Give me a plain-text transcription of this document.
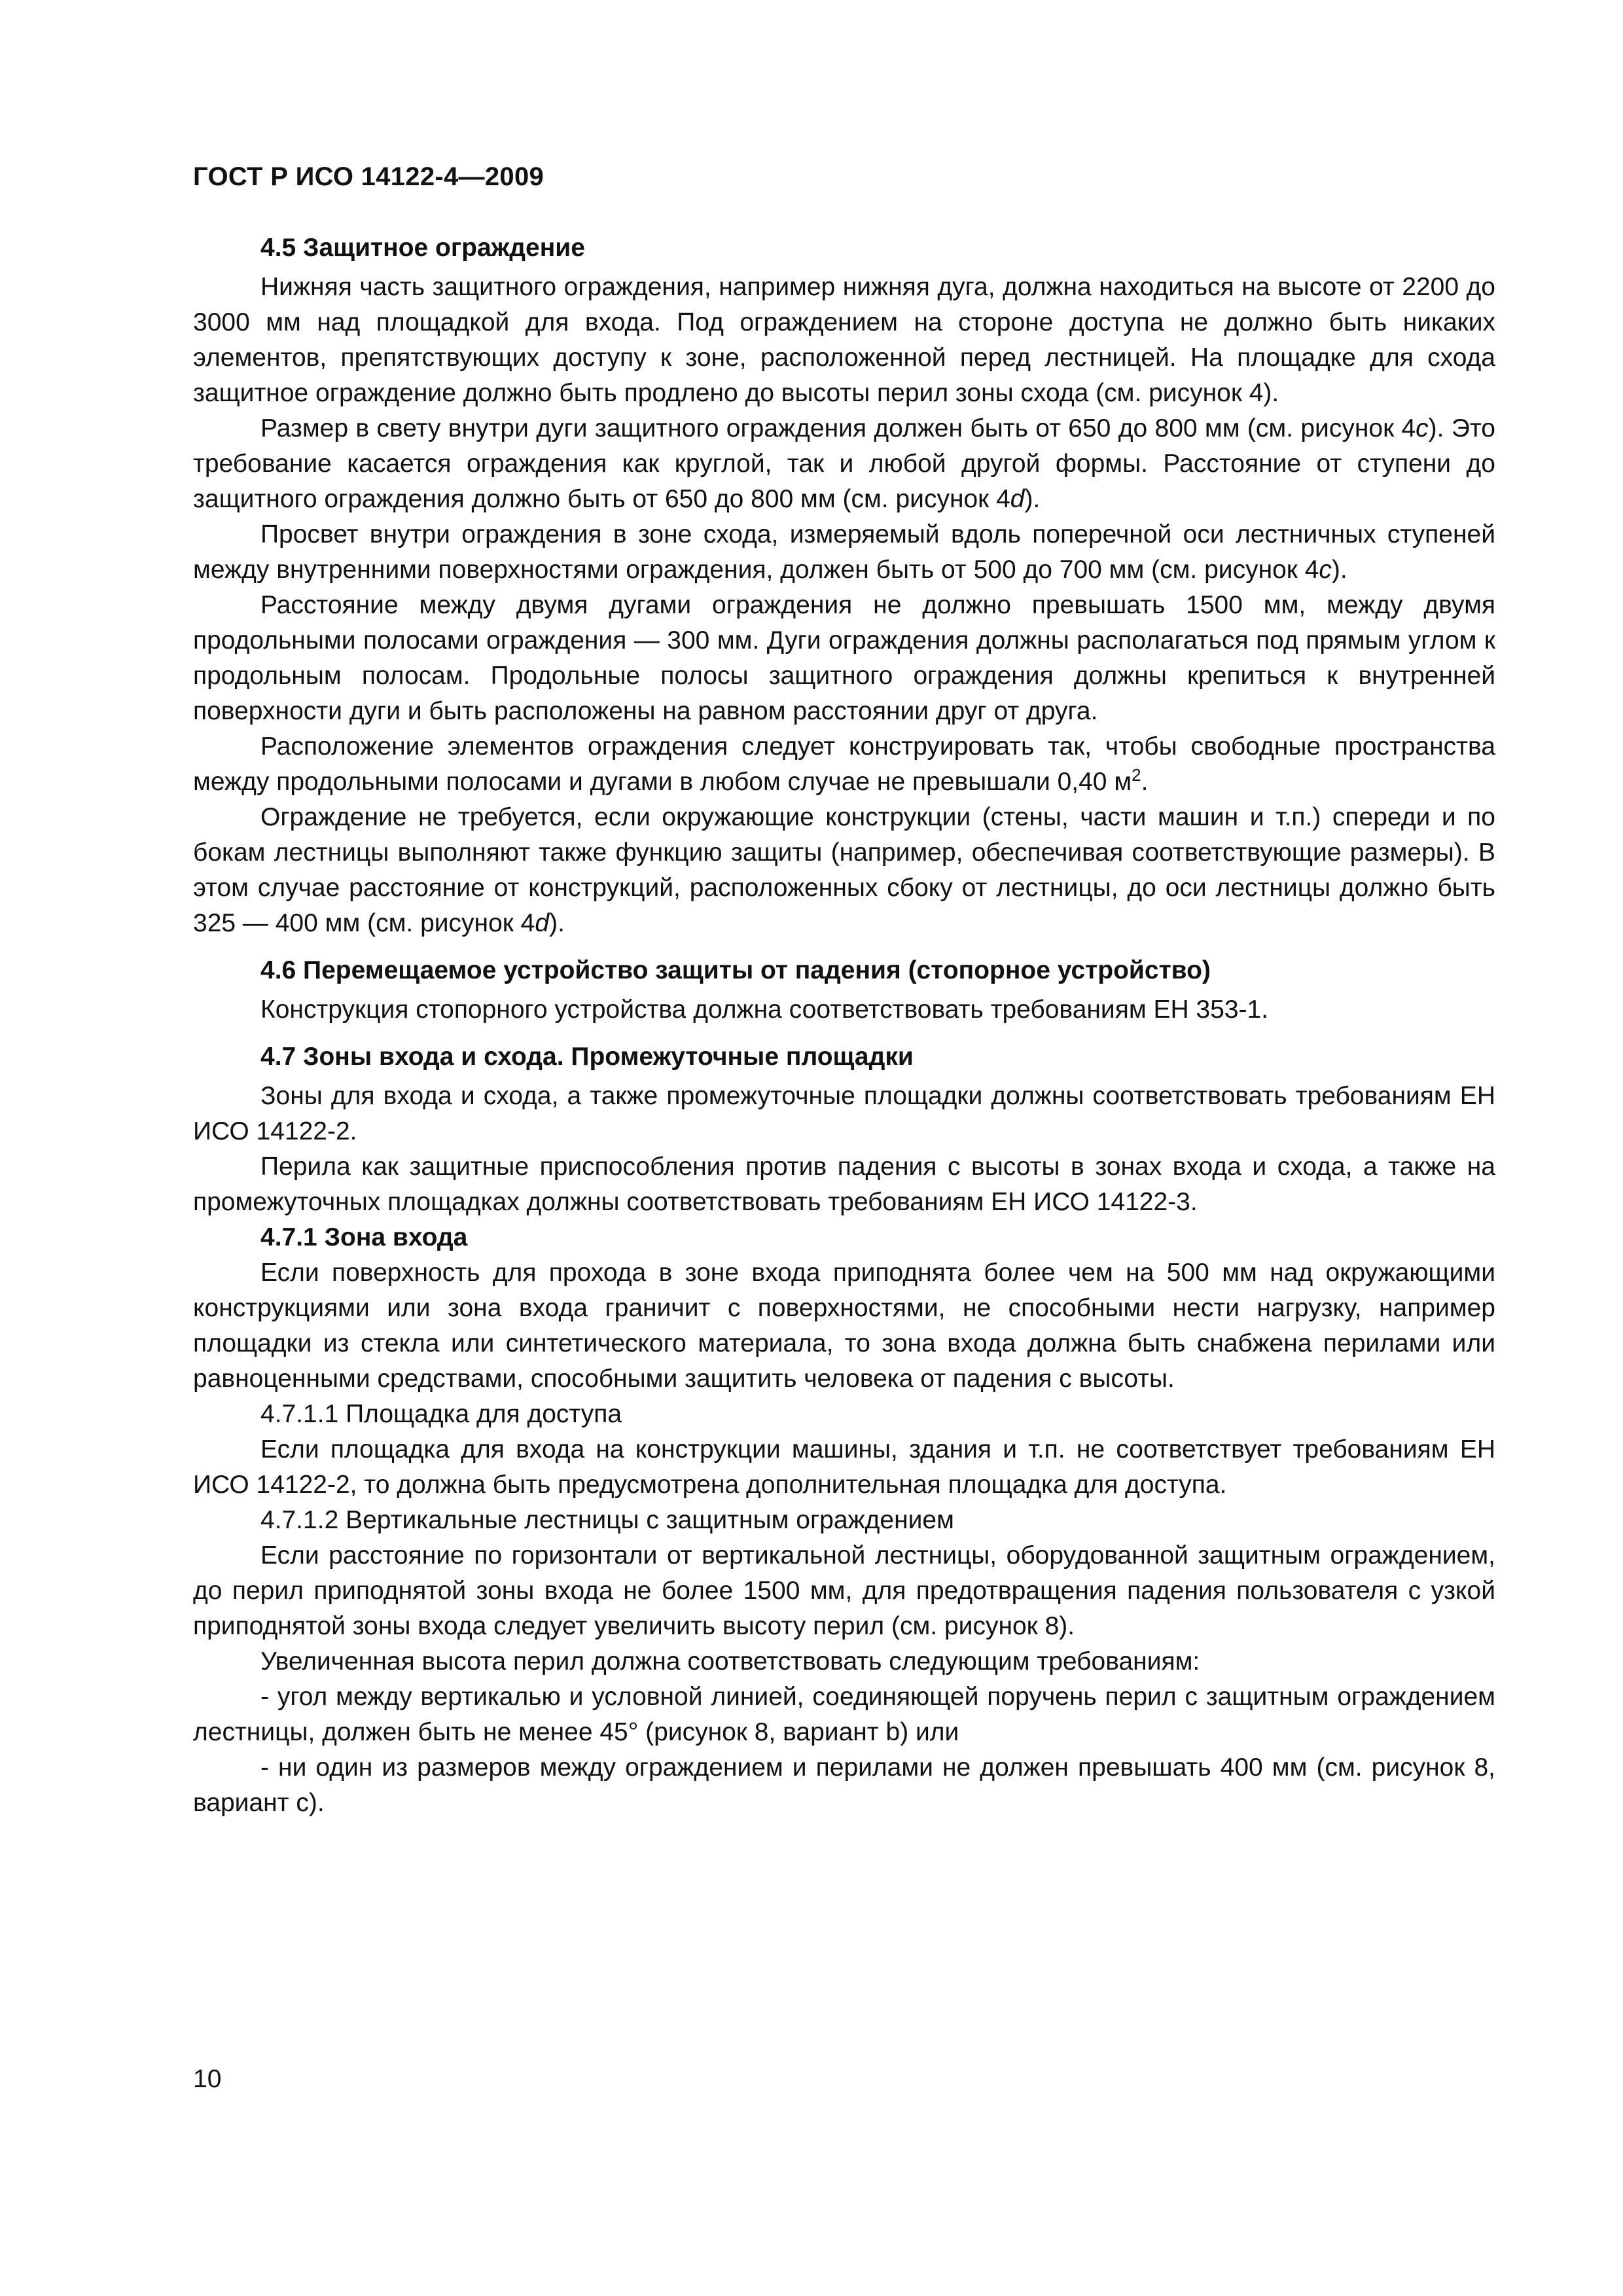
ГОСТ Р ИСО 14122-4—2009

4.5 Защитное ограждение

Нижняя часть защитного ограждения, например нижняя дуга, должна находиться на высоте от 2200 до 3000 мм над площадкой для входа. Под ограждением на стороне доступа не должно быть никаких элементов, препятствующих доступу к зоне, расположенной перед лестницей. На площадке для схода защитное ограждение должно быть продлено до высоты перил зоны схода (см. рисунок 4).

Размер в свету внутри дуги защитного ограждения должен быть от 650 до 800 мм (см. рисунок 4c). Это требование касается ограждения как круглой, так и любой другой формы. Расстояние от ступени до защитного ограждения должно быть от 650 до 800 мм (см. рисунок 4d).

Просвет внутри ограждения в зоне схода, измеряемый вдоль поперечной оси лестничных ступеней между внутренними поверхностями ограждения, должен быть от 500 до 700 мм (см. рисунок 4c).

Расстояние между двумя дугами ограждения не должно превышать 1500 мм, между двумя продольными полосами ограждения — 300 мм. Дуги ограждения должны располагаться под прямым углом к продольным полосам. Продольные полосы защитного ограждения должны крепиться к внутренней поверхности дуги и быть расположены на равном расстоянии друг от друга.

Расположение элементов ограждения следует конструировать так, чтобы свободные пространства между продольными полосами и дугами в любом случае не превышали 0,40 $м^2$.

Ограждение не требуется, если окружающие конструкции (стены, части машин и т.п.) спереди и по бокам лестницы выполняют также функцию защиты (например, обеспечивая соответствующие размеры). В этом случае расстояние от конструкций, расположенных сбоку от лестницы, до оси лестницы должно быть 325 — 400 мм (см. рисунок 4d).

4.6 Перемещаемое устройство защиты от падения (стопорное устройство)

Конструкция стопорного устройства должна соответствовать требованиям ЕН 353-1.

4.7 Зоны входа и схода. Промежуточные площадки

Зоны для входа и схода, а также промежуточные площадки должны соответствовать требованиям ЕН ИСО 14122-2.

Перила как защитные приспособления против падения с высоты в зонах входа и схода, а также на промежуточных площадках должны соответствовать требованиям ЕН ИСО 14122-3.

4.7.1 Зона входа

Если поверхность для прохода в зоне входа приподнята более чем на 500 мм над окружающими конструкциями или зона входа граничит с поверхностями, не способными нести нагрузку, например площадки из стекла или синтетического материала, то зона входа должна быть снабжена перилами или равноценными средствами, способными защитить человека от падения с высоты.

4.7.1.1 Площадка для доступа

Если площадка для входа на конструкции машины, здания и т.п. не соответствует требованиям ЕН ИСО 14122-2, то должна быть предусмотрена дополнительная площадка для доступа.

4.7.1.2 Вертикальные лестницы с защитным ограждением

Если расстояние по горизонтали от вертикальной лестницы, оборудованной защитным ограждением, до перил приподнятой зоны входа не более 1500 мм, для предотвращения падения пользователя с узкой приподнятой зоны входа следует увеличить высоту перил (см. рисунок 8).

Увеличенная высота перил должна соответствовать следующим требованиям:

- угол между вертикалью и условной линией, соединяющей поручень перил с защитным ограждением лестницы, должен быть не менее 45° (рисунок 8, вариант b) или

- ни один из размеров между ограждением и перилами не должен превышать 400 мм (см. рисунок 8, вариант с).

10
